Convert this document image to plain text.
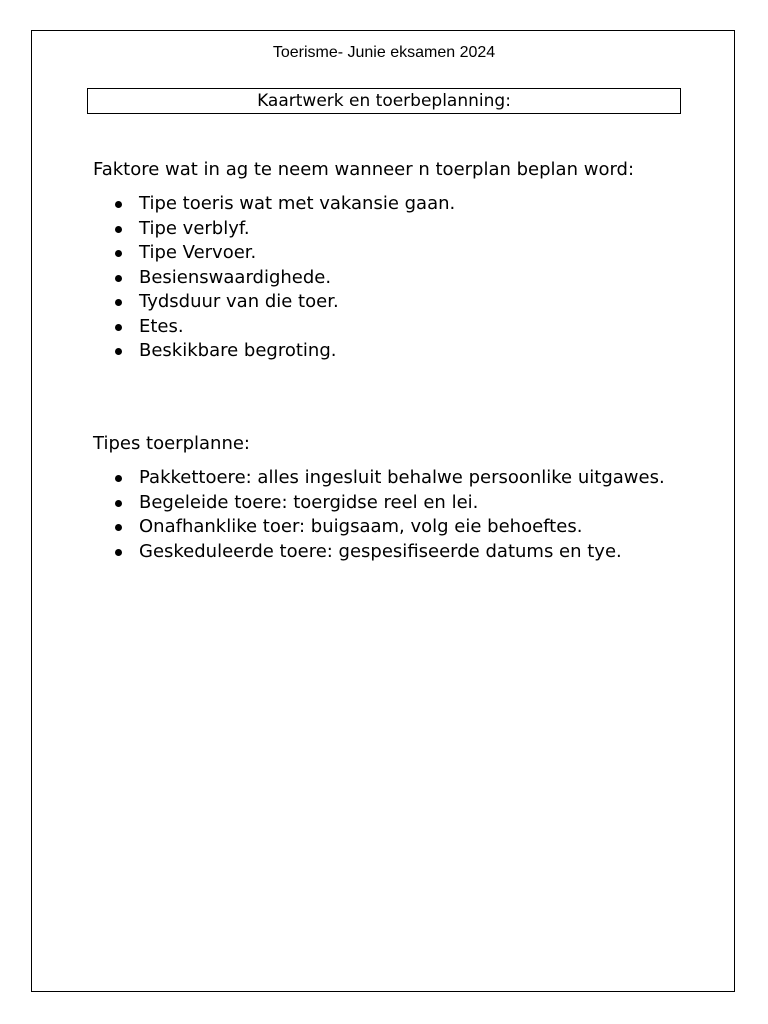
Toerisme- Junie eksamen 2024
Kaartwerk en toerbeplanning:

Faktore wat in ag te neem wanneer n toerplan beplan word:

Tipe toeris wat met vakansie gaan.
Tipe verblyf.
Tipe Vervoer.
Besienswaardighede.
Tydsduur van die toer.
Etes.
Beskikbare begroting.

Tipes toerplanne:

Pakkettoere: alles ingesluit behalwe persoonlike uitgawes.
Begeleide toere: toergidse reel en lei.
Onafhanklike toer: buigsaam, volg eie behoeftes.
Geskeduleerde toere: gespesifiseerde datums en tye.
